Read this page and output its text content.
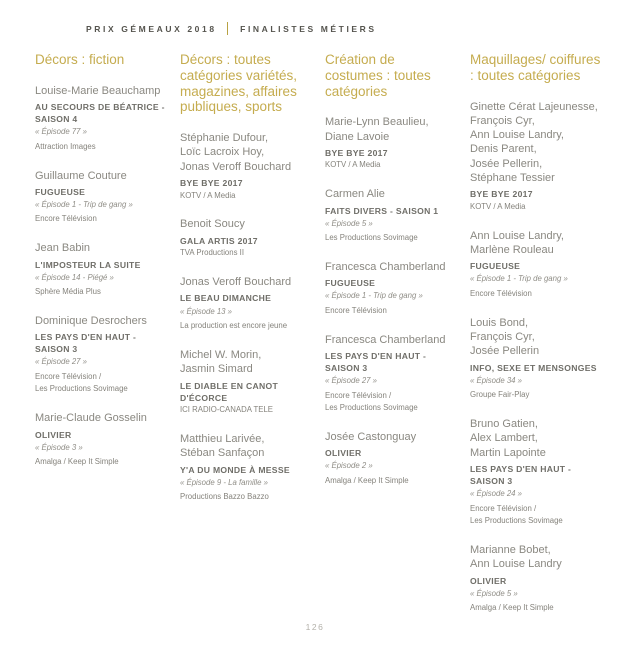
PRIX GÉMEAUX 2018	FINALISTES MÉTIERS
Décors : fiction
Louise-Marie Beauchamp
AU SECOURS DE BÉATRICE - SAISON 4
« Épisode 77 »
Attraction Images
Guillaume Couture
FUGUEUSE
« Épisode 1 - Trip de gang »
Encore Télévision
Jean Babin
L'IMPOSTEUR LA SUITE
« Épisode 14 - Piégé »
Sphère Média Plus
Dominique Desrochers
LES PAYS D'EN HAUT - SAISON 3
« Épisode 27 »
Encore Télévision /
Les Productions Sovimage
Marie-Claude Gosselin
OLIVIER
« Épisode 3 »
Amalga / Keep It Simple
Décors : toutes catégories variétés, magazines, affaires publiques, sports
Stéphanie Dufour,
Loïc Lacroix Hoy,
Jonas Veroff Bouchard
BYE BYE 2017
KOTV / A Media
Benoit Soucy
GALA ARTIS 2017
TVA Productions II
Jonas Veroff Bouchard
LE BEAU DIMANCHE
« Épisode 13 »
La production est encore jeune
Michel W. Morin,
Jasmin Simard
LE DIABLE EN CANOT D'ÉCORCE
ICI RADIO-CANADA TELE
Matthieu Larivée,
Stéban Sanfaçon
Y'A DU MONDE À MESSE
« Épisode 9 - La famille »
Productions Bazzo Bazzo
Création de costumes : toutes catégories
Marie-Lynn Beaulieu,
Diane Lavoie
BYE BYE 2017
KOTV / A Media
Carmen Alie
FAITS DIVERS - SAISON 1
« Épisode 5 »
Les Productions Sovimage
Francesca Chamberland
FUGUEUSE
« Épisode 1 - Trip de gang »
Encore Télévision
Francesca Chamberland
LES PAYS D'EN HAUT - SAISON 3
« Épisode 27 »
Encore Télévision /
Les Productions Sovimage
Josée Castonguay
OLIVIER
« Épisode 2 »
Amalga / Keep It Simple
Maquillages/ coiffures : toutes catégories
Ginette Cérat Lajeunesse,
François Cyr,
Ann Louise Landry,
Denis Parent,
Josée Pellerin,
Stéphane Tessier
BYE BYE 2017
KOTV / A Media
Ann Louise Landry,
Marlène Rouleau
FUGUEUSE
« Épisode 1 - Trip de gang »
Encore Télévision
Louis Bond,
François Cyr,
Josée Pellerin
INFO, SEXE ET MENSONGES
« Épisode 34 »
Groupe Fair-Play
Bruno Gatien,
Alex Lambert,
Martin Lapointe
LES PAYS D'EN HAUT - SAISON 3
« Épisode 24 »
Encore Télévision /
Les Productions Sovimage
Marianne Bobet,
Ann Louise Landry
OLIVIER
« Épisode 5 »
Amalga / Keep It Simple
126
